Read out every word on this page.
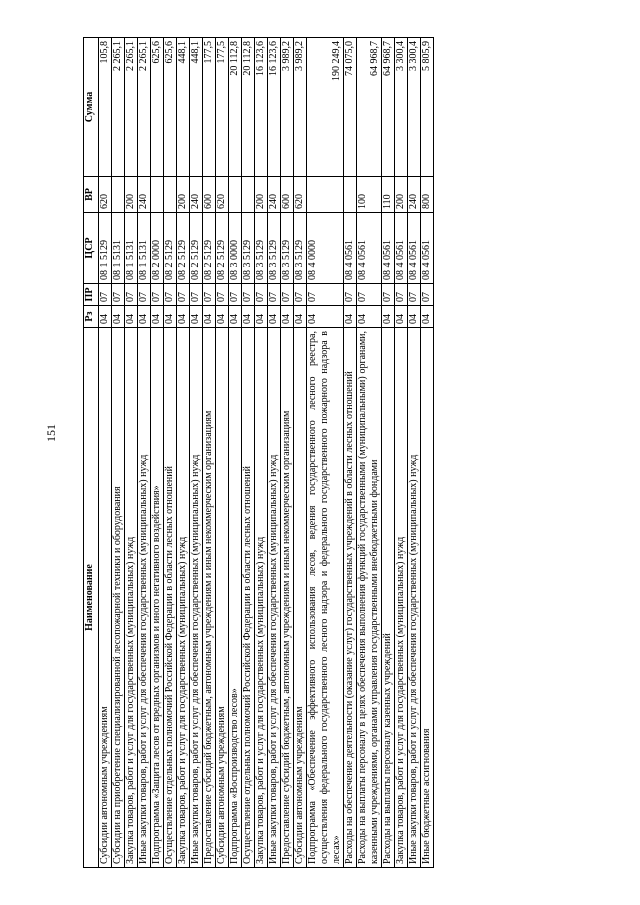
151
Наименование	Рз	ПР	ЦСР	ВР	Сумма
Субсидии автономным учреждениям	04	07	08 1 5129	620	105,8
Субсидии на приобретение специализированной лесопожарной техники и оборудования	04	07	08 1 5131		2 265,1
Закупка товаров, работ и услуг для государственных (муниципальных) нужд	04	07	08 1 5131	200	2 265,1
Иные закупки товаров, работ и услуг для обеспечения государственных (муниципальных) нужд	04	07	08 1 5131	240	2 265,1
Подпрограмма «Защита лесов от вредных организмов и иного негативного воздействия»	04	07	08 2 0000		625,6
Осуществление отдельных полномочий Российской Федерации в области лесных отношений	04	07	08 2 5129		625,6
Закупка товаров, работ и услуг для государственных (муниципальных) нужд	04	07	08 2 5129	200	448,1
Иные закупки товаров, работ и услуг для обеспечения государственных (муниципальных) нужд	04	07	08 2 5129	240	448,1
Предоставление субсидий бюджетным, автономным учреждениям и иным некоммерческим организациям	04	07	08 2 5129	600	177,5
Субсидии автономным учреждениям	04	07	08 2 5129	620	177,5
Подпрограмма «Воспроизводство лесов»	04	07	08 3 0000		20 112,8
Осуществление отдельных полномочий Российской Федерации в области лесных отношений	04	07	08 3 5129		20 112,8
Закупка товаров, работ и услуг для государственных (муниципальных) нужд	04	07	08 3 5129	200	16 123,6
Иные закупки товаров, работ и услуг для обеспечения государственных (муниципальных) нужд	04	07	08 3 5129	240	16 123,6
Предоставление субсидий бюджетным, автономным учреждениям и иным некоммерческим организациям	04	07	08 3 5129	600	3 989,2
Субсидии автономным учреждениям	04	07	08 3 5129	620	3 989,2
Подпрограмма «Обеспечение эффективного использования лесов, ведения государственного лесного реестра, осуществления федерального государственного лесного надзора и федерального государственного пожарного надзора в лесах»	04	07	08 4 0000		190 249,4
Расходы на обеспечение деятельности (оказание услуг) государственных учреждений в области лесных отношений	04	07	08 4 0561		74 075,0
Расходы на выплаты персоналу в целях обеспечения выполнения функций государственными (муниципальными) органами, казенными учреждениями, органами управления государственными внебюджетными фондами	04	07	08 4 0561	100	64 968,7
Расходы на выплаты персоналу казенных учреждений	04	07	08 4 0561	110	64 968,7
Закупка товаров, работ и услуг для государственных (муниципальных) нужд	04	07	08 4 0561	200	3 300,4
Иные закупки товаров, работ и услуг для обеспечения государственных (муниципальных) нужд	04	07	08 4 0561	240	3 300,4
Иные бюджетные ассигнования	04	07	08 4 0561	800	5 805,9
